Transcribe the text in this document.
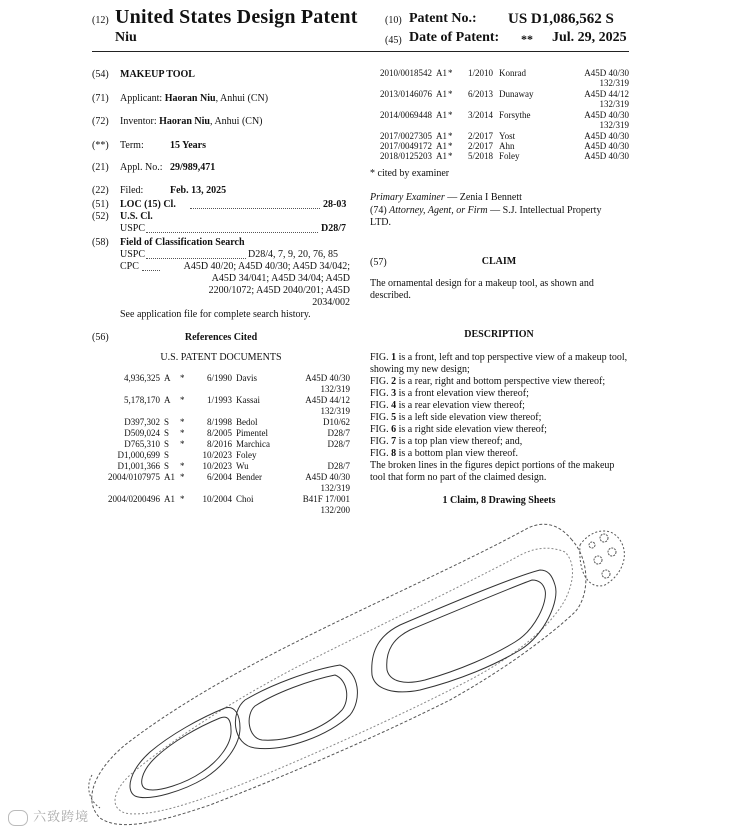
(12) United States Design Patent
Niu
(10) Patent No.: US D1,086,562 S
(45) Date of Patent: ** Jul. 29, 2025
(54) MAKEUP TOOL
(71) Applicant: Haoran Niu, Anhui (CN)
(72) Inventor: Haoran Niu, Anhui (CN)
(**) Term:	15 Years
(21) Appl. No.: 29/989,471
(22) Filed:	Feb. 13, 2025
(51) LOC (15) Cl.	28-03
(52) U.S. Cl.
USPC	D28/7
(58) Field of Classification Search
USPC	D28/4, 7, 9, 20, 76, 85
CPC	A45D 40/20; A45D 40/30; A45D 34/042;
A45D 34/041; A45D 34/04; A45D
2200/1072; A45D 2040/201; A45D
2034/002
See application file for complete search history.
(56)	References Cited
U.S. PATENT DOCUMENTS
4,936,325 A *	6/1990 Davis	A45D 40/30
132/319
5,178,170 A *	1/1993 Kassai	A45D 44/12
132/319
D397,302 S *	8/1998 Bedol	D10/62
D509,024 S *	8/2005 Pimentel	D28/7
D765,310 S *	8/2016 Marchica	D28/7
D1,000,699 S	10/2023 Foley
D1,001,366 S *	10/2023 Wu	D28/7
2004/0107975 A1 *	6/2004 Bender	A45D 40/30
132/319
2004/0200496 A1 *	10/2004 Choi	B41F 17/001
132/200
2010/0018542 A1 *	1/2010 Konrad	A45D 40/30
132/319
2013/0146076 A1 *	6/2013 Dunaway	A45D 44/12
132/319
2014/0069448 A1 *	3/2014 Forsythe	A45D 40/30
132/319
2017/0027305 A1 *	2/2017 Yost	A45D 40/30
2017/0049172 A1 *	2/2017 Ahn	A45D 40/30
2018/0125203 A1 *	5/2018 Foley	A45D 40/30
* cited by examiner
Primary Examiner — Zenia I Bennett
(74) Attorney, Agent, or Firm — S.J. Intellectual Property
LTD.
(57)	CLAIM
The ornamental design for a makeup tool, as shown and described.
DESCRIPTION

FIG. 1 is a front, left and top perspective view of a makeup tool, showing my new design;

FIG. 2 is a rear, right and bottom perspective view thereof;

FIG. 3 is a front elevation view thereof;

FIG. 4 is a rear elevation view thereof;

FIG. 5 is a left side elevation view thereof;

FIG. 6 is a right side elevation view thereof;

FIG. 7 is a top plan view thereof; and,

FIG. 8 is a bottom plan view thereof.

The broken lines in the figures depict portions of the makeup tool that form no part of the claimed design.

1 Claim, 8 Drawing Sheets
六致跨境
